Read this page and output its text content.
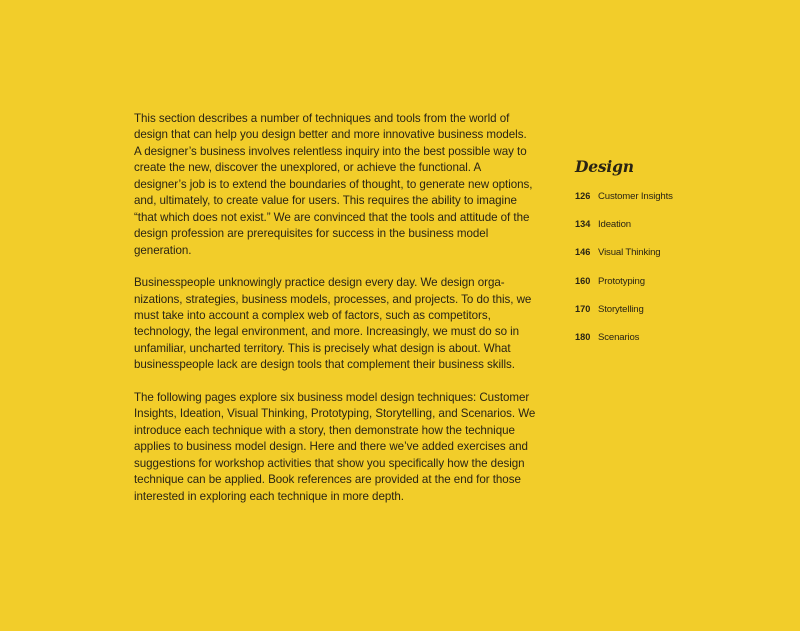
This section describes a number of techniques and tools from the world of design that can help you design better and more innovative business models. A designer’s business involves relentless inquiry into the best possible way to create the new, discover the unexplored, or achieve the functional. A designer’s job is to extend the boundaries of thought, to generate new options, and, ultimately, to create value for users. This requires the ability to imagine “that which does not exist.” We are convinced that the tools and attitude of the design profession are prerequisites for success in the business model generation.

Businesspeople unknowingly practice design every day. We design organizations, strategies, business models, processes, and projects. To do this, we must take into account a complex web of factors, such as competitors, technology, the legal environment, and more. Increasingly, we must do so in unfamiliar, uncharted territory. This is precisely what design is about. What businesspeople lack are design tools that complement their business skills.

The following pages explore six business model design techniques: Customer Insights, Ideation, Visual Thinking, Prototyping, Storytelling, and Scenarios. We introduce each technique with a story, then demonstrate how the technique applies to business model design. Here and there we’ve added exercises and suggestions for workshop activities that show you specifically how the design technique can be applied. Book references are provided at the end for those interested in exploring each technique in more depth.

Design
126 Customer Insights
134 Ideation
146 Visual Thinking
160 Prototyping
170 Storytelling
180 Scenarios
